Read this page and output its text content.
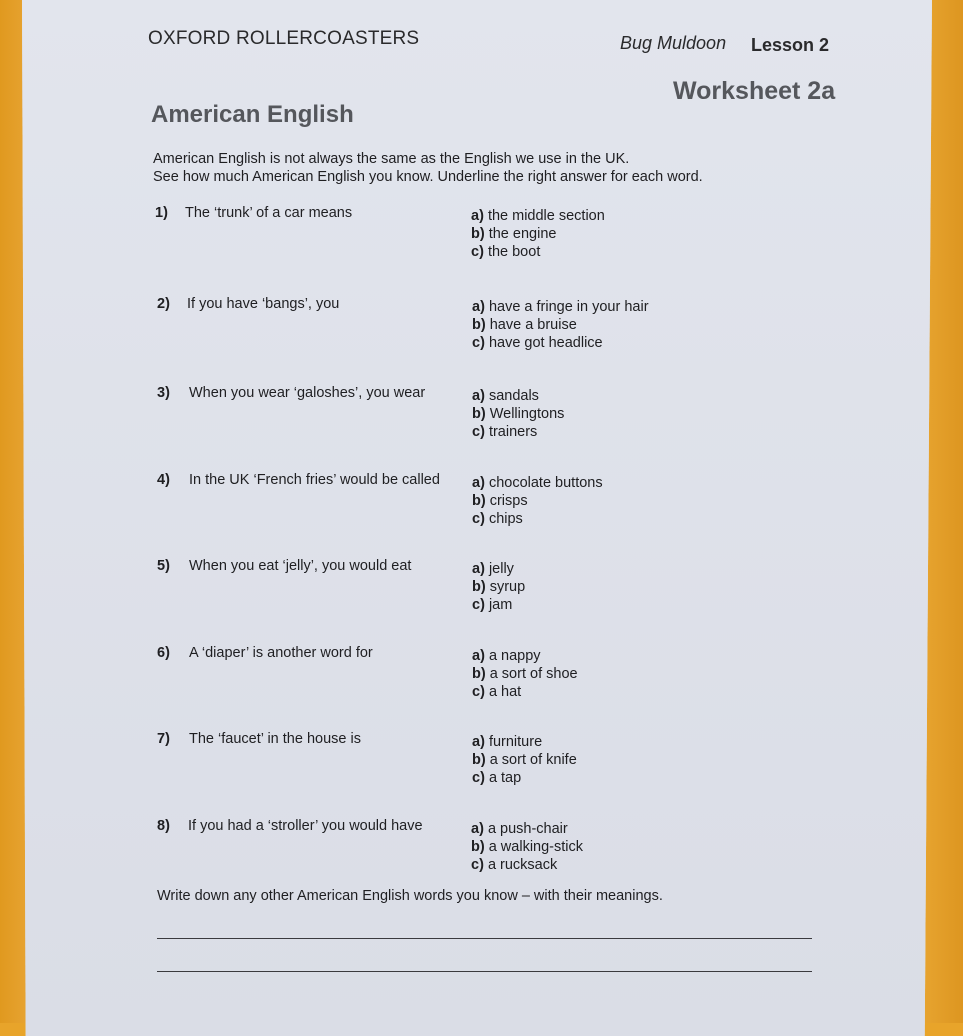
OXFORD ROLLERCOASTERS	Bug Muldoon Lesson 2
Worksheet 2a
American English
American English is not always the same as the English we use in the UK.
See how much American English you know. Underline the right answer for each word.
1) The ‘trunk’ of a car means	a) the middle section
b) the engine
c) the boot
2) If you have ‘bangs’, you	a) have a fringe in your hair
b) have a bruise
c) have got headlice
3) When you wear ‘galoshes’, you wear	a) sandals
b) Wellingtons
c) trainers
4) In the UK ‘French fries’ would be called a) chocolate buttons
b) crisps
c) chips
5) When you eat ‘jelly’, you would eat	a) jelly
b) syrup
c) jam
6) A ‘diaper’ is another word for	a) a nappy
b) a sort of shoe
c) a hat
7) The ‘faucet’ in the house is	a) furniture
b) a sort of knife
c) a tap
8) If you had a ‘stroller’ you would have	a) a push-chair
b) a walking-stick
c) a rucksack
Write down any other American English words you know – with their meanings.
